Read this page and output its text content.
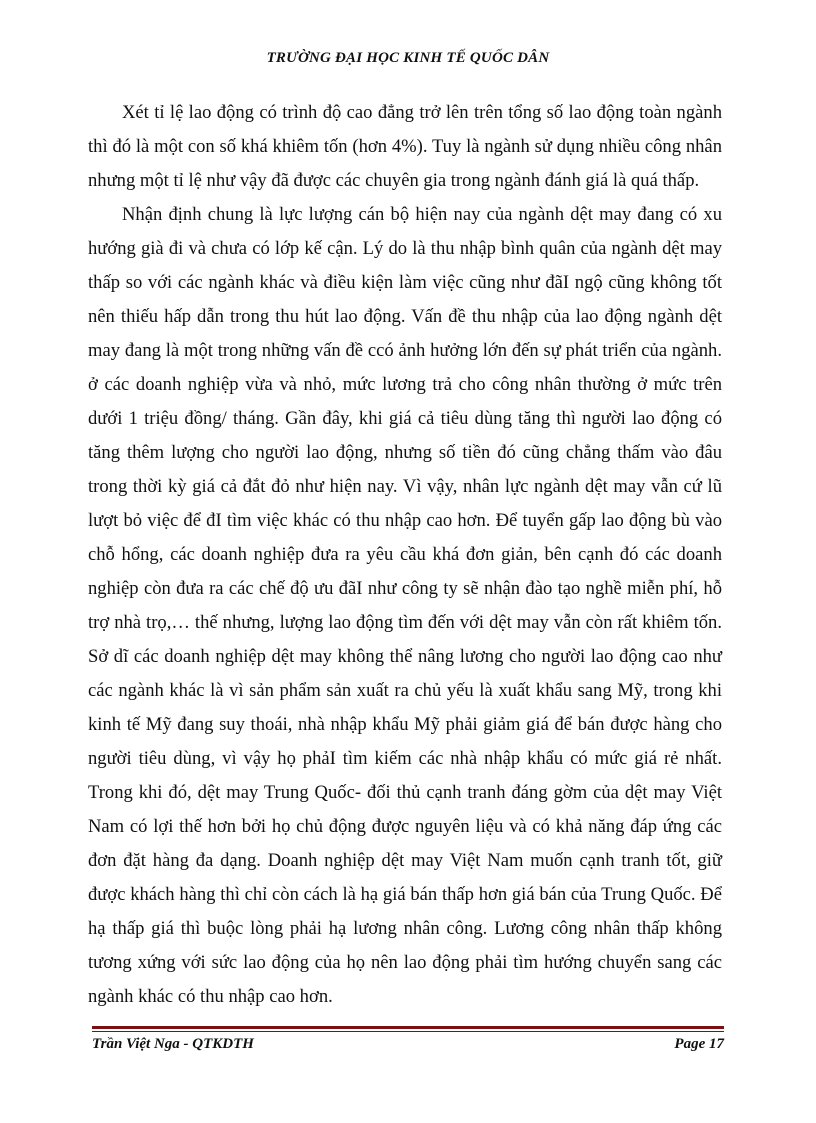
TRƯỜNG ĐẠI HỌC KINH TẾ QUỐC DÂN

Xét tỉ lệ lao động có trình độ cao đẳng trở lên trên tổng số lao động toàn ngành thì đó là một con số khá khiêm tốn (hơn 4%). Tuy là ngành sử dụng nhiều công nhân nhưng một tỉ lệ như vậy đã được các chuyên gia trong ngành đánh giá là quá thấp.

Nhận định chung là lực lượng cán bộ hiện nay của ngành dệt may đang có xu hướng già đi và chưa có lớp kế cận. Lý do là thu nhập bình quân của ngành dệt may thấp so với các ngành khác và điều kiện làm việc cũng như đãI ngộ cũng không tốt nên thiếu hấp dẫn trong thu hút lao động. Vấn đề thu nhập của lao động ngành dệt may đang là một trong những vấn đề ccó ảnh hưởng lớn đến sự phát triển của ngành. ở các doanh nghiệp vừa và nhỏ, mức lương trả cho công nhân thường ở mức trên dưới 1 triệu đồng/ tháng. Gần đây, khi giá cả tiêu dùng tăng thì người lao động có tăng thêm lượng cho người lao động, nhưng số tiền đó cũng chẳng thấm vào đâu trong thời kỳ giá cả đắt đỏ như hiện nay. Vì vậy, nhân lực ngành dệt may vẫn cứ lũ lượt bỏ việc để đI tìm việc khác có thu nhập cao hơn. Để tuyển gấp lao động bù vào chỗ hổng, các doanh nghiệp đưa ra yêu cầu khá đơn giản, bên cạnh đó các doanh nghiệp còn đưa ra các chế độ ưu đãI như công ty sẽ nhận đào tạo nghề miễn phí, hỗ trợ nhà trọ,… thế nhưng, lượng lao động tìm đến với dệt may vẫn còn rất khiêm tốn. Sở dĩ các doanh nghiệp dệt may không thể nâng lương cho người lao động cao như các ngành khác là vì sản phẩm sản xuất ra chủ yếu là xuất khẩu sang Mỹ, trong khi kinh tế Mỹ đang suy thoái, nhà nhập khẩu Mỹ phải giảm giá để bán được hàng cho người tiêu dùng, vì vậy họ phảI tìm kiếm các nhà nhập khẩu có mức giá rẻ nhất. Trong khi đó, dệt may Trung Quốc- đối thủ cạnh tranh đáng gờm của dệt may Việt Nam có lợi thế hơn bởi họ chủ động được nguyên liệu và có khả năng đáp ứng các đơn đặt hàng đa dạng. Doanh nghiệp dệt may Việt Nam muốn cạnh tranh tốt, giữ được khách hàng thì chỉ còn cách là hạ giá bán thấp hơn giá bán của Trung Quốc. Để hạ thấp giá thì buộc lòng phải hạ lương nhân công. Lương công nhân thấp không tương xứng với sức lao động của họ nên lao động phải tìm hướng chuyển sang các ngành khác có thu nhập cao hơn.

Trần Việt Nga - QTKDTH	Page 17
